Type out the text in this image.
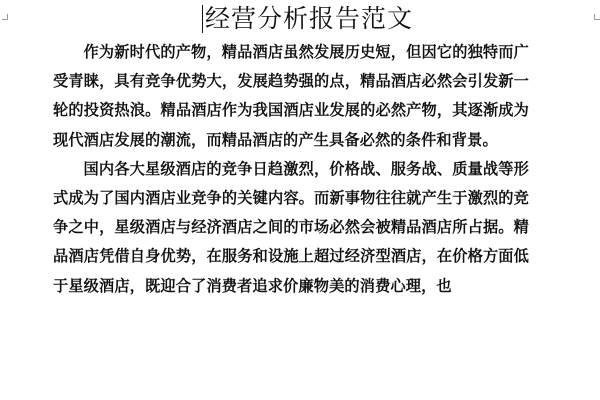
经营分析报告范文

作为新时代的产物，精品酒店虽然发展历史短，但因它的独特而广受青睐，具有竞争优势大，发展趋势强的点，精品酒店必然会引发新一轮的投资热浪。精品酒店作为我国酒店业发展的必然产物，其逐渐成为现代酒店发展的潮流，而精品酒店的产生具备必然的条件和背景。

国内各大星级酒店的竞争日趋激烈，价格战、服务战、质量战等形式成为了国内酒店业竞争的关键内容。而新事物往往就产生于激烈的竞争之中，星级酒店与经济酒店之间的市场必然会被精品酒店所占据。精品酒店凭借自身优势，在服务和设施上超过经济型酒店，在价格方面低于星级酒店，既迎合了消费者追求价廉物美的消费心理，也
